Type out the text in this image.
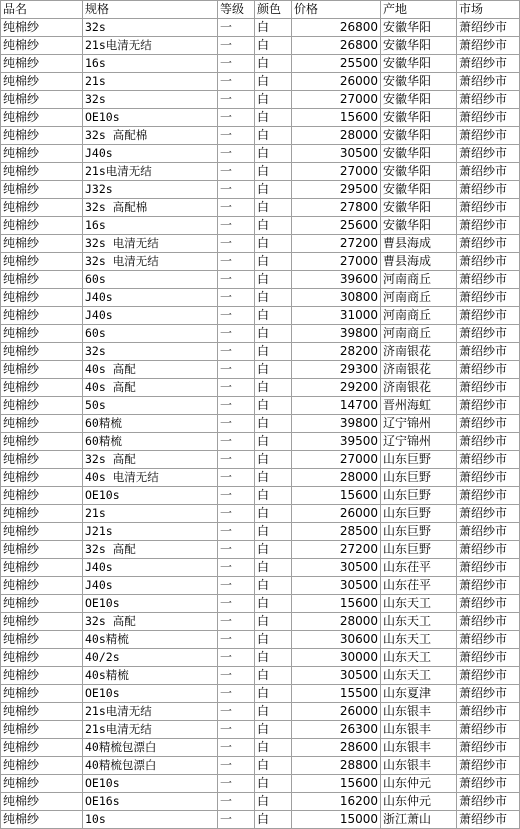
品名	规格	等级	颜色	价格	产地	市场
纯棉纱	32s	一	白	26800	安徽华阳	萧绍纱市
纯棉纱	21s电清无结	一	白	26800	安徽华阳	萧绍纱市
纯棉纱	16s	一	白	25500	安徽华阳	萧绍纱市
纯棉纱	21s	一	白	26000	安徽华阳	萧绍纱市
纯棉纱	32s	一	白	27000	安徽华阳	萧绍纱市
纯棉纱	OE10s	一	白	15600	安徽华阳	萧绍纱市
纯棉纱	32s 高配棉	一	白	28000	安徽华阳	萧绍纱市
纯棉纱	J40s	一	白	30500	安徽华阳	萧绍纱市
纯棉纱	21s电清无结	一	白	27000	安徽华阳	萧绍纱市
纯棉纱	J32s	一	白	29500	安徽华阳	萧绍纱市
纯棉纱	32s 高配棉	一	白	27800	安徽华阳	萧绍纱市
纯棉纱	16s	一	白	25600	安徽华阳	萧绍纱市
纯棉纱	32s 电清无结	一	白	27200	曹县海成	萧绍纱市
纯棉纱	32s 电清无结	一	白	27000	曹县海成	萧绍纱市
纯棉纱	60s	一	白	39600	河南商丘	萧绍纱市
纯棉纱	J40s	一	白	30800	河南商丘	萧绍纱市
纯棉纱	J40s	一	白	31000	河南商丘	萧绍纱市
纯棉纱	60s	一	白	39800	河南商丘	萧绍纱市
纯棉纱	32s	一	白	28200	济南银花	萧绍纱市
纯棉纱	40s 高配	一	白	29300	济南银花	萧绍纱市
纯棉纱	40s 高配	一	白	29200	济南银花	萧绍纱市
纯棉纱	50s	一	白	14700	晋州海虹	萧绍纱市
纯棉纱	60精梳	一	白	39800	辽宁锦州	萧绍纱市
纯棉纱	60精梳	一	白	39500	辽宁锦州	萧绍纱市
纯棉纱	32s 高配	一	白	27000	山东巨野	萧绍纱市
纯棉纱	40s 电清无结	一	白	28000	山东巨野	萧绍纱市
纯棉纱	OE10s	一	白	15600	山东巨野	萧绍纱市
纯棉纱	21s	一	白	26000	山东巨野	萧绍纱市
纯棉纱	J21s	一	白	28500	山东巨野	萧绍纱市
纯棉纱	32s 高配	一	白	27200	山东巨野	萧绍纱市
纯棉纱	J40s	一	白	30500	山东茌平	萧绍纱市
纯棉纱	J40s	一	白	30500	山东茌平	萧绍纱市
纯棉纱	OE10s	一	白	15600	山东天工	萧绍纱市
纯棉纱	32s 高配	一	白	28000	山东天工	萧绍纱市
纯棉纱	40s精梳	一	白	30600	山东天工	萧绍纱市
纯棉纱	40/2s	一	白	30000	山东天工	萧绍纱市
纯棉纱	40s精梳	一	白	30500	山东天工	萧绍纱市
纯棉纱	OE10s	一	白	15500	山东夏津	萧绍纱市
纯棉纱	21s电清无结	一	白	26000	山东银丰	萧绍纱市
纯棉纱	21s电清无结	一	白	26300	山东银丰	萧绍纱市
纯棉纱	40精梳包漂白	一	白	28600	山东银丰	萧绍纱市
纯棉纱	40精梳包漂白	一	白	28800	山东银丰	萧绍纱市
纯棉纱	OE10s	一	白	15600	山东仲元	萧绍纱市
纯棉纱	OE16s	一	白	16200	山东仲元	萧绍纱市
纯棉纱	10s	一	白	15000	浙江萧山	萧绍纱市
